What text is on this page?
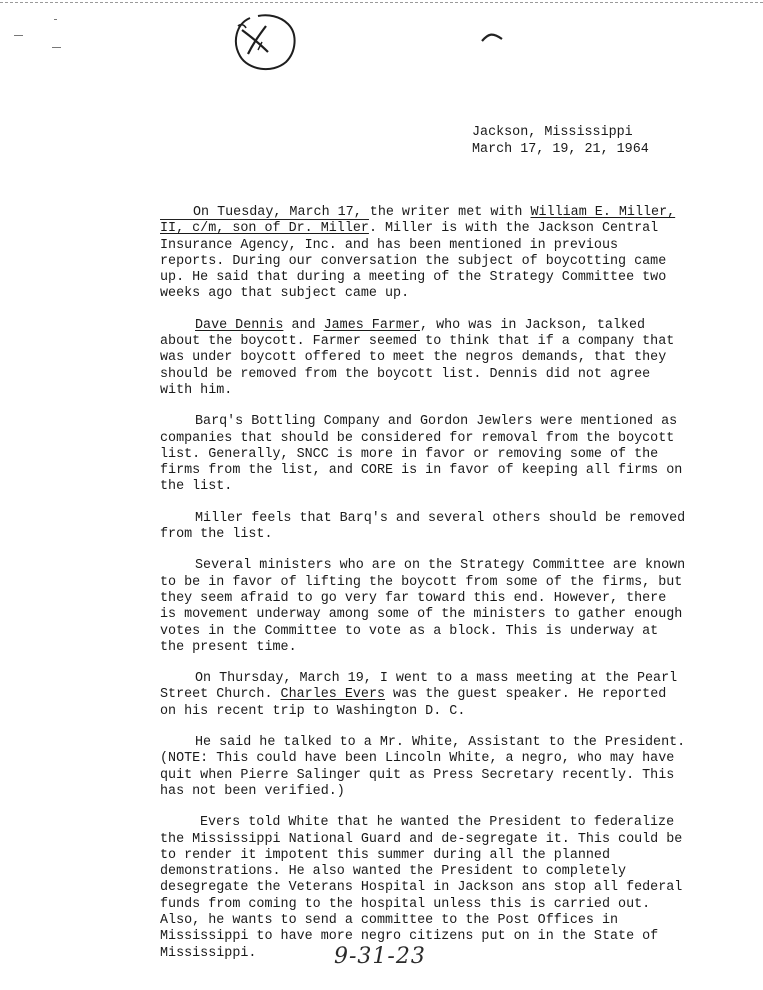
Jackson, Mississippi
March 17, 19, 21, 1964

On Tuesday, March 17, the writer met with William E. Miller, II, c/m, son of Dr. Miller. Miller is with the Jackson Central Insurance Agency, Inc. and has been mentioned in previous reports. During our conversation the subject of boycotting came up. He said that during a meeting of the Strategy Committee two weeks ago that subject came up.

Dave Dennis and James Farmer, who was in Jackson, talked about the boycott. Farmer seemed to think that if a company that was under boycott offered to meet the negros demands, that they should be removed from the boycott list. Dennis did not agree with him.

Barq's Bottling Company and Gordon Jewlers were mentioned as companies that should be considered for removal from the boycott list. Generally, SNCC is more in favor or removing some of the firms from the list, and CORE is in favor of keeping all firms on the list.

Miller feels that Barq's and several others should be removed from the list.

Several ministers who are on the Strategy Committee are known to be in favor of lifting the boycott from some of the firms, but they seem afraid to go very far toward this end. However, there is movement underway among some of the ministers to gather enough votes in the Committee to vote as a block. This is underway at the present time.

On Thursday, March 19, I went to a mass meeting at the Pearl Street Church. Charles Evers was the guest speaker. He reported on his recent trip to Washington D. C.

He said he talked to a Mr. White, Assistant to the President. (NOTE: This could have been Lincoln White, a negro, who may have quit when Pierre Salinger quit as Press Secretary recently. This has not been verified.)

Evers told White that he wanted the President to federalize the Mississippi National Guard and de-segregate it. This could be to render it impotent this summer during all the planned demonstrations. He also wanted the President to completely desegregate the Veterans Hospital in Jackson ans stop all federal funds from coming to the hospital unless this is carried out. Also, he wants to send a committee to the Post Offices in Mississippi to have more negro citizens put on in the State of Mississippi.	9-31-23
